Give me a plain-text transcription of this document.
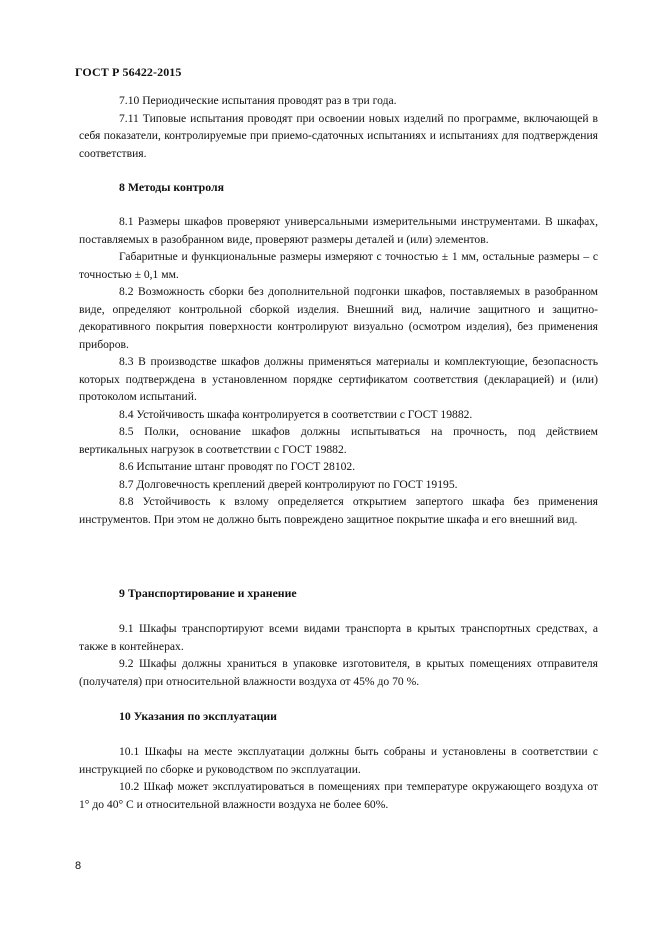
ГОСТ Р 56422-2015

7.10 Периодические испытания проводят раз в три года.

7.11 Типовые испытания проводят при освоении новых изделий по программе, включающей в себя показатели, контролируемые при приемо-сдаточных испытаниях и испытаниях для подтверждения соответствия.

8 Методы контроля

8.1 Размеры шкафов проверяют универсальными измерительными инструментами. В шкафах, поставляемых в разобранном виде, проверяют размеры деталей и (или) элементов.

Габаритные и функциональные размеры измеряют с точностью ± 1 мм, остальные размеры – с точностью ± 0,1 мм.

8.2 Возможность сборки без дополнительной подгонки шкафов, поставляемых в разобранном виде, определяют контрольной сборкой изделия. Внешний вид, наличие защитного и защитно-декоративного покрытия поверхности контролируют визуально (осмотром изделия), без применения приборов.

8.3 В производстве шкафов должны применяться материалы и комплектующие, безопасность которых подтверждена в установленном порядке сертификатом соответствия (декларацией) и (или) протоколом испытаний.

8.4 Устойчивость шкафа контролируется в соответствии с ГОСТ 19882.

8.5 Полки, основание шкафов должны испытываться на прочность, под действием вертикальных нагрузок в соответствии с ГОСТ 19882.

8.6 Испытание штанг проводят по ГОСТ 28102.

8.7 Долговечность креплений дверей контролируют по ГОСТ 19195.

8.8 Устойчивость к взлому определяется открытием запертого шкафа без применения инструментов. При этом не должно быть повреждено защитное покрытие шкафа и его внешний вид.

9 Транспортирование и хранение

9.1 Шкафы транспортируют всеми видами транспорта в крытых транспортных средствах, а также в контейнерах.

9.2 Шкафы должны храниться в упаковке изготовителя, в крытых помещениях отправителя (получателя) при относительной влажности воздуха от 45% до 70 %.

10 Указания по эксплуатации

10.1 Шкафы на месте эксплуатации должны быть собраны и установлены в соответствии с инструкцией по сборке и руководством по эксплуатации.

10.2 Шкаф может эксплуатироваться в помещениях при температуре окружающего воздуха от 1° до 40° С и относительной влажности воздуха не более 60%.

8
